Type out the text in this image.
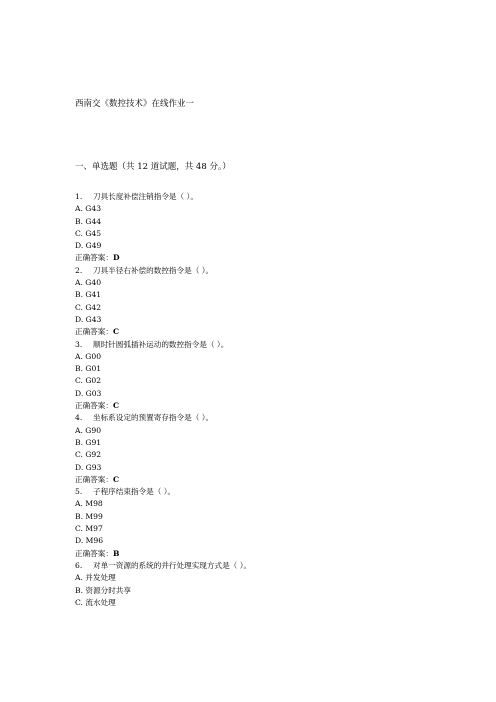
西南交《数控技术》在线作业一
一、单选题（共 12 道试题，共 48 分。）
1. 刀具长度补偿注销指令是（ ）。
A. G43
B. G44
C. G45
D. G49
正确答案：D
2. 刀具半径右补偿的数控指令是（ ）。
A. G40
B. G41
C. G42
D. G43
正确答案：C
3. 顺时针圆弧插补运动的数控指令是（ ）。
A. G00
B. G01
C. G02
D. G03
正确答案：C
4. 坐标系设定的预置寄存指令是（ ）。
A. G90
B. G91
C. G92
D. G93
正确答案：C
5. 子程序结束指令是（ ）。
A. M98
B. M99
C. M97
D. M96
正确答案：B
6. 对单一资源的系统的并行处理实现方式是（ ）。
A. 并发处理
B. 资源分时共享
C. 流水处理
